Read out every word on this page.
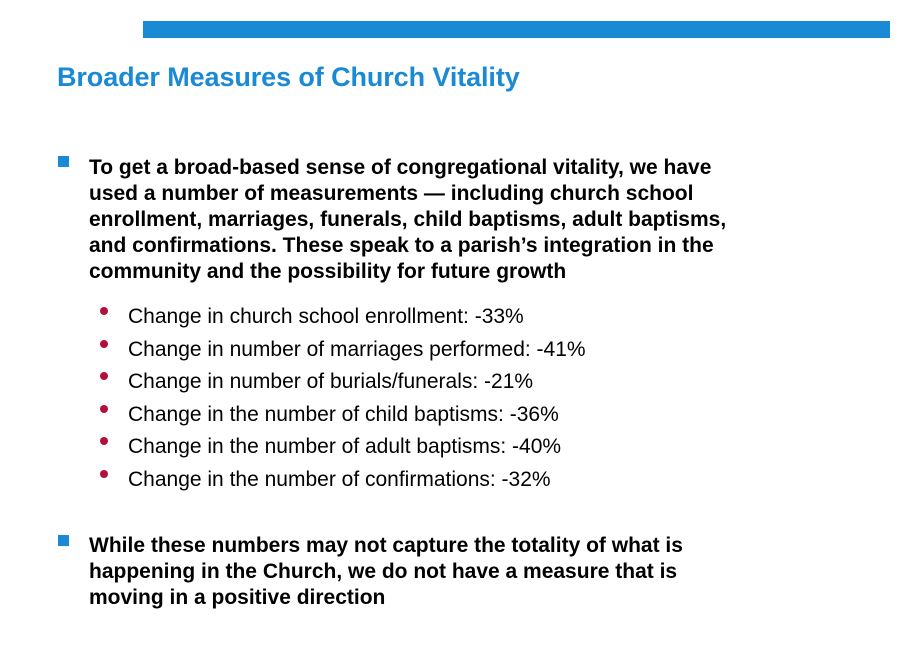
Broader Measures of Church Vitality

To get a broad-based sense of congregational vitality, we have
used a number of measurements — including church school
enrollment, marriages, funerals, child baptisms, adult baptisms,
and confirmations. These speak to a parish’s integration in the
community and the possibility for future growth

Change in church school enrollment: -33%
Change in number of marriages performed: -41%
Change in number of burials/funerals: -21%
Change in the number of child baptisms: -36%
Change in the number of adult baptisms: -40%
Change in the number of confirmations: -32%

While these numbers may not capture the totality of what is
happening in the Church, we do not have a measure that is
moving in a positive direction
